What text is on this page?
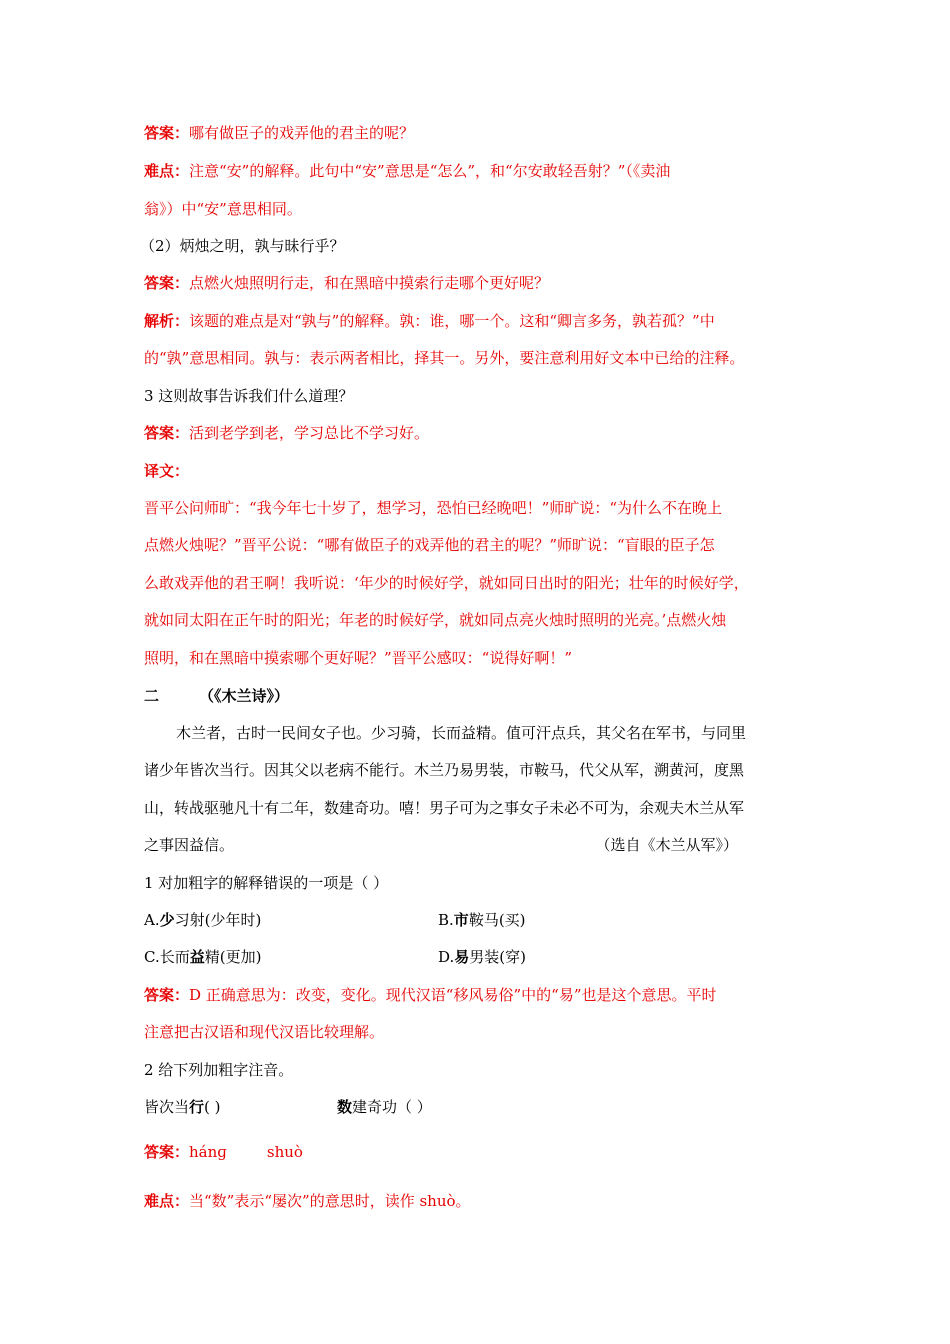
答案：哪有做臣子的戏弄他的君主的呢？
难点：注意“安”的解释。此句中“安”意思是“怎么”，和“尔安敢轻吾射？”（《卖油
翁》）中“安”意思相同。
（2）炳烛之明，孰与昧行乎？
答案：点燃火烛照明行走，和在黑暗中摸索行走哪个更好呢？
解析：该题的难点是对“孰与”的解释。孰：谁，哪一个。这和“卿言多务，孰若孤？”中
的“孰”意思相同。孰与：表示两者相比，择其一。另外，要注意利用好文本中已给的注释。
3 这则故事告诉我们什么道理？
答案：活到老学到老，学习总比不学习好。
译文：
晋平公问师旷：“我今年七十岁了，想学习，恐怕已经晚吧！”师旷说：“为什么不在晚上
点燃火烛呢？”晋平公说：“哪有做臣子的戏弄他的君主的呢？”师旷说：“盲眼的臣子怎
么敢戏弄他的君王啊！我听说：‘年少的时候好学，就如同日出时的阳光；壮年的时候好学，
就如同太阳在正午时的阳光；年老的时候好学，就如同点亮火烛时照明的光亮。’点燃火烛
照明，和在黑暗中摸索哪个更好呢？”晋平公感叹：“说得好啊！”
二	（《木兰诗》）
木兰者，古时一民间女子也。少习骑，长而益精。值可汗点兵，其父名在军书，与同里
诸少年皆次当行。因其父以老病不能行。木兰乃易男装，市鞍马，代父从军，溯黄河，度黑
山，转战驱驰凡十有二年，数建奇功。嘻！男子可为之事女子未必不可为，余观夫木兰从军
之事因益信。	（选自《木兰从军》）
1 对加粗字的解释错误的一项是（ ）
A.少习射(少年时)	B.市鞍马(买)
C.长而益精(更加)	D.易男装(穿)
答案：D 正确意思为：改变，变化。现代汉语“移风易俗”中的“易”也是这个意思。平时
注意把古汉语和现代汉语比较理解。
2 给下列加粗字注音。
皆次当行( )	数建奇功（ ）
答案：hánɡ	shuò
难点：当“数”表示“屡次”的意思时，读作 shuò。
